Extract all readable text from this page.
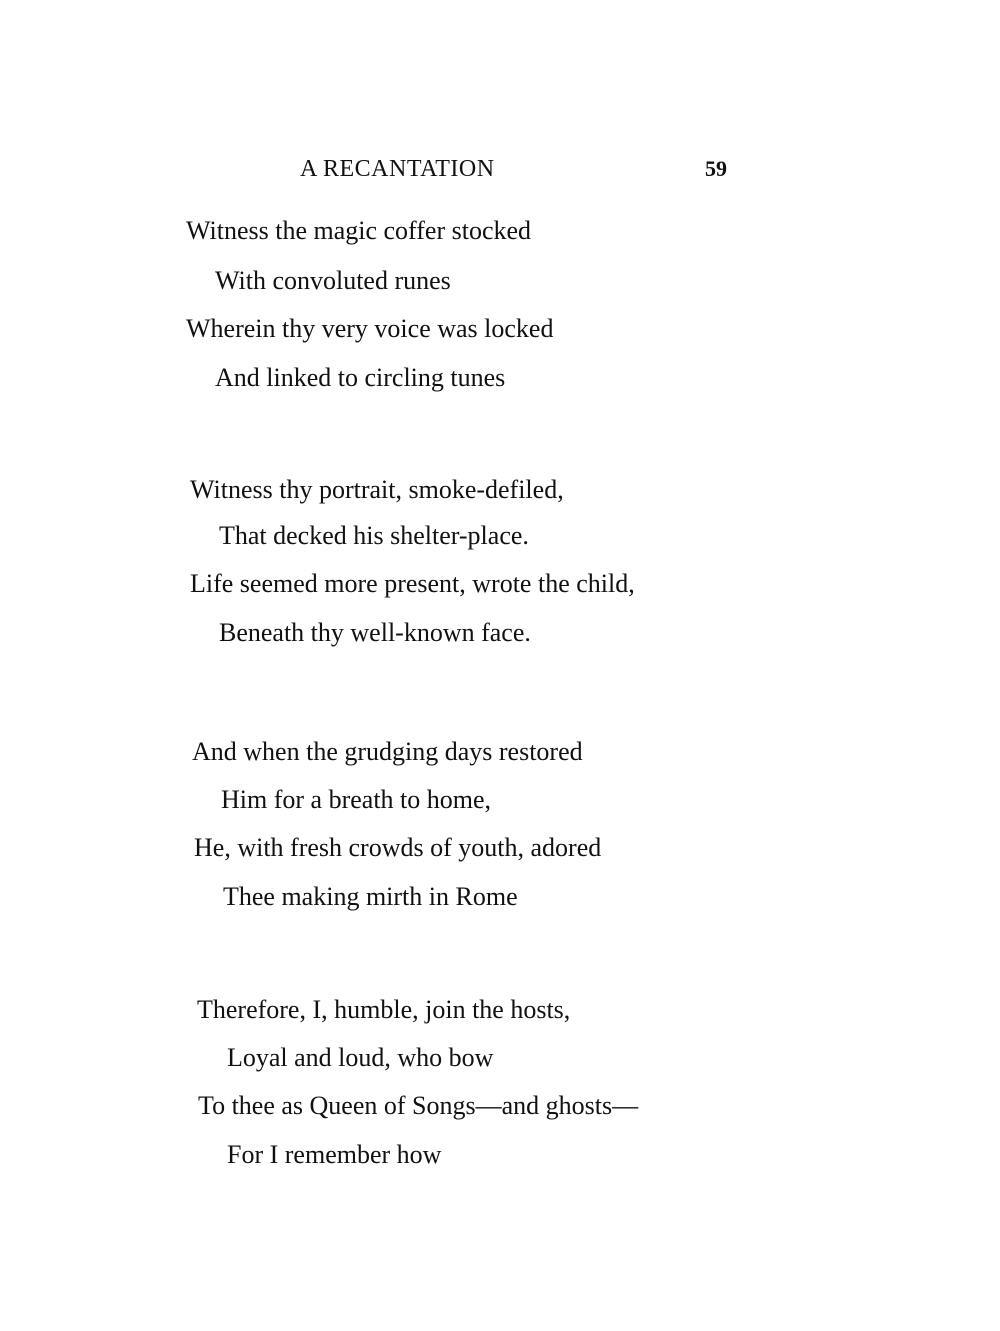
A RECANTATION	59
Witness the magic coffer stocked
With convoluted runes
Wherein thy very voice was locked
And linked to circling tunes
Witness thy portrait, smoke-defiled,
That decked his shelter-place.
Life seemed more present, wrote the child,
Beneath thy well-known face.
And when the grudging days restored
Him for a breath to home,
He, with fresh crowds of youth, adored
Thee making mirth in Rome
Therefore, I, humble, join the hosts,
Loyal and loud, who bow
To thee as Queen of Songs—and ghosts—
For I remember how
